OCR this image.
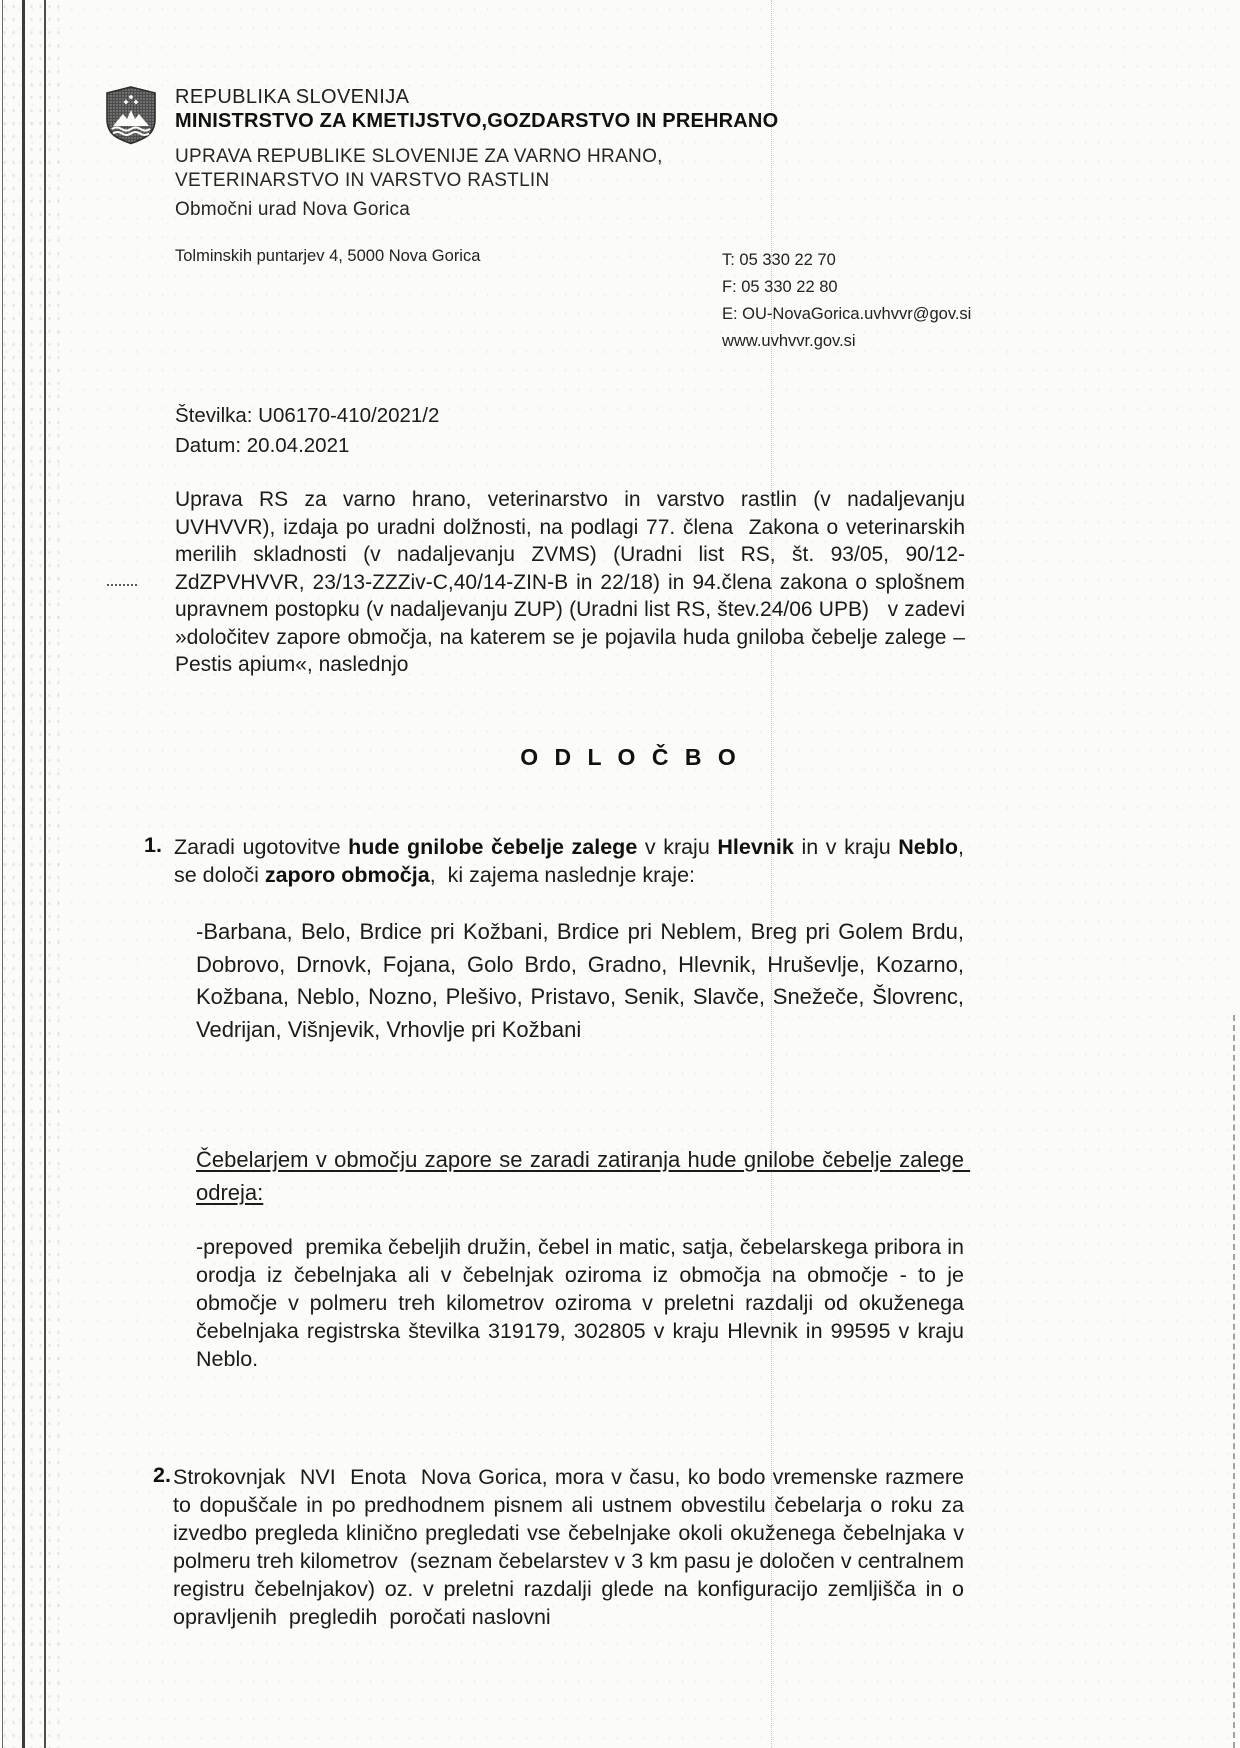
REPUBLIKA SLOVENIJA
MINISTRSTVO ZA KMETIJSTVO,GOZDARSTVO IN PREHRANO
UPRAVA REPUBLIKE SLOVENIJE ZA VARNO HRANO,
VETERINARSTVO IN VARSTVO RASTLIN
Območni urad Nova Gorica
Tolminskih puntarjev 4, 5000 Nova Gorica	T: 05 330 22 70
F: 05 330 22 80
E: OU-NovaGorica.uvhvvr@gov.si
www.uvhvvr.gov.si
Številka: U06170-410/2021/2
Datum: 20.04.2021
Uprava RS za varno hrano, veterinarstvo in varstvo rastlin (v nadaljevanju UVHVVR), izdaja po uradni dolžnosti, na podlagi 77. člena  Zakona o veterinarskih merilih skladnosti (v nadaljevanju ZVMS) (Uradni list RS, št. 93/05, 90/12-ZdZPVHVVR, 23/13-ZZZiv-C,40/14-ZIN-B in 22/18) in 94.člena zakona o splošnem upravnem postopku (v nadaljevanju ZUP) (Uradni list RS, štev.24/06 UPB)   v zadevi »določitev zapore območja, na katerem se je pojavila huda gniloba čebelje zalege – Pestis apium«, naslednjo
O D L O Č B O
1. Zaradi ugotovitve hude gnilobe čebelje zalege v kraju Hlevnik in v kraju Neblo, se določi zaporo območja,  ki zajema naslednje kraje:
-Barbana, Belo, Brdice pri Kožbani, Brdice pri Neblem, Breg pri Golem Brdu, Dobrovo, Drnovk, Fojana, Golo Brdo, Gradno, Hlevnik, Hruševlje, Kozarno, Kožbana, Neblo, Nozno, Plešivo, Pristavo, Senik, Slavče, Snežeče, Šlovrenc, Vedrijan, Višnjevik, Vrhovlje pri Kožbani
Čebelarjem v območju zapore se zaradi zatiranja hude gnilobe čebelje zalege odreja:
-prepoved  premika čebeljih družin, čebel in matic, satja, čebelarskega pribora in orodja iz čebelnjaka ali v čebelnjak oziroma iz območja na območje - to je območje v polmeru treh kilometrov oziroma v preletni razdalji od okuženega čebelnjaka registrska številka 319179, 302805 v kraju Hlevnik in 99595 v kraju Neblo.
2. Strokovnjak  NVI  Enota  Nova Gorica, mora v času, ko bodo vremenske razmere to dopuščale in po predhodnem pisnem ali ustnem obvestilu čebelarja o roku za izvedbo pregleda klinično pregledati vse čebelnjake okoli okuženega čebelnjaka v polmeru treh kilometrov  (seznam čebelarstev v 3 km pasu je določen v centralnem registru čebelnjakov) oz. v preletni razdalji glede na konfiguracijo zemljišča in o opravljenih  pregledih  poročati naslovni
